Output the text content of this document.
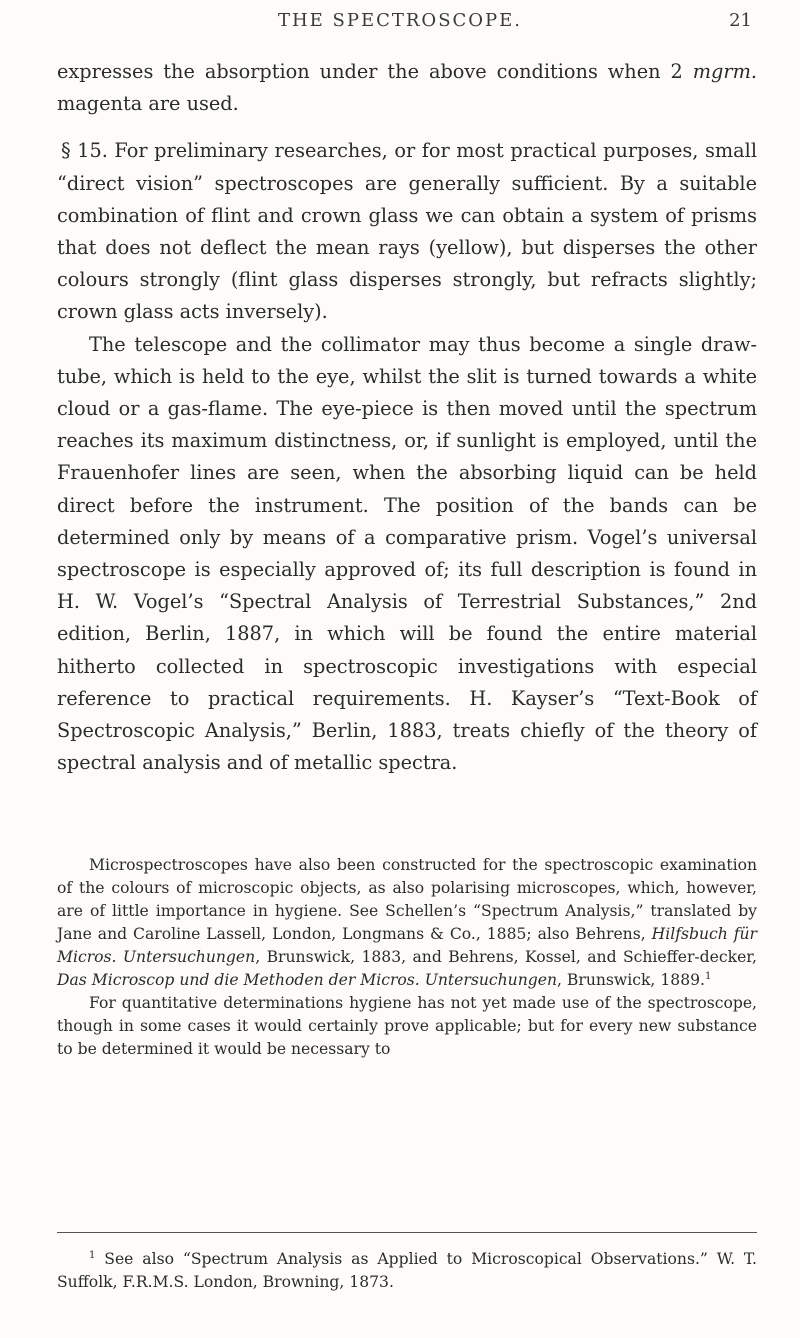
THE SPECTROSCOPE.	21

expresses the absorption under the above conditions when 2 mgrm. magenta are used.

§ 15. For preliminary researches, or for most practical purposes, small “direct vision” spectroscopes are generally sufficient. By a suitable combination of flint and crown glass we can obtain a system of prisms that does not deflect the mean rays (yellow), but disperses the other colours strongly (flint glass disperses strongly, but refracts slightly; crown glass acts inversely).

The telescope and the collimator may thus become a single draw-tube, which is held to the eye, whilst the slit is turned towards a white cloud or a gas-flame. The eye-piece is then moved until the spectrum reaches its maximum distinctness, or, if sunlight is employed, until the Frauenhofer lines are seen, when the absorbing liquid can be held direct before the instrument. The position of the bands can be determined only by means of a comparative prism. Vogel’s universal spectroscope is especially approved of; its full description is found in H. W. Vogel’s “Spectral Analysis of Terrestrial Substances,” 2nd edition, Berlin, 1887, in which will be found the entire material hitherto collected in spectroscopic investigations with especial reference to practical requirements. H. Kayser’s “Text-Book of Spectroscopic Analysis,” Berlin, 1883, treats chiefly of the theory of spectral analysis and of metallic spectra.

Microspectroscopes have also been constructed for the spectroscopic examination of the colours of microscopic objects, as also polarising microscopes, which, however, are of little importance in hygiene. See Schellen’s “Spectrum Analysis,” translated by Jane and Caroline Lassell, London, Longmans & Co., 1885; also Behrens, Hilfsbuch für Micros. Untersuchungen, Brunswick, 1883, and Behrens, Kossel, and Schieffer-decker, Das Microscop und die Methoden der Micros. Untersuchungen, Brunswick, 1889.$^1$

For quantitative determinations hygiene has not yet made use of the spectroscope, though in some cases it would certainly prove applicable; but for every new substance to be determined it would be necessary to

$^1$ See also “Spectrum Analysis as Applied to Microscopical Observations.” W. T. Suffolk, F.R.M.S. London, Browning, 1873.
